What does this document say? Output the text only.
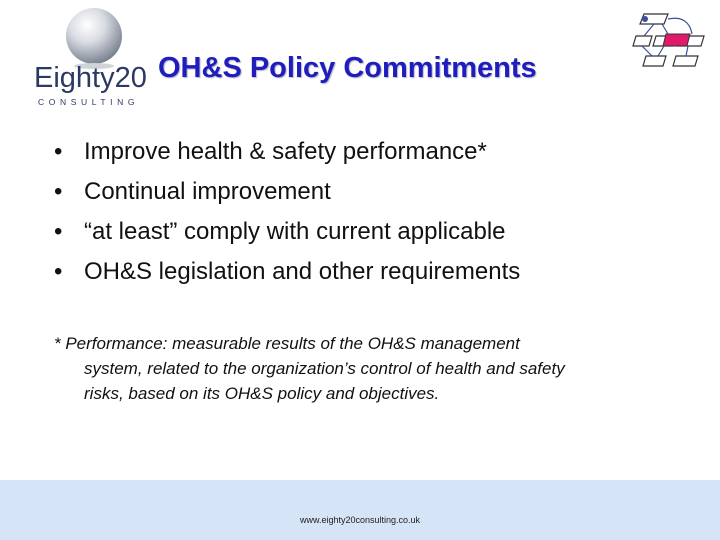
Eighty20
CONSULTING
OH&S Policy Commitments
• Improve health & safety performance*
• Continual improvement
• “at least” comply with current applicable
• OH&S legislation and other requirements
* Performance: measurable results of the OH&S management
system, related to the organization’s control of health and safety
risks, based on its OH&S policy and objectives.
www.eighty20consulting.co.uk
